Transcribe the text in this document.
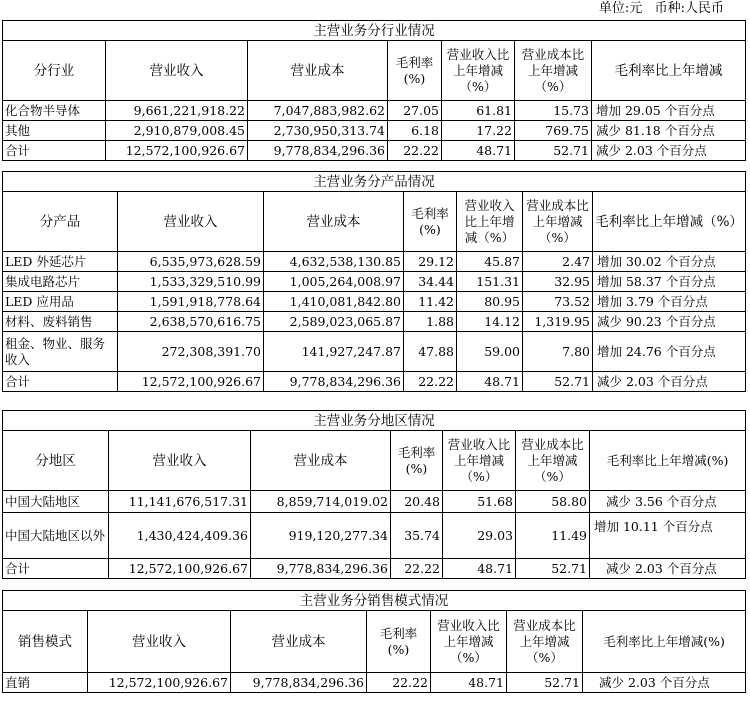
单位:元   币种:人民币
主营业务分行业情况						
分行业	营业收入	营业成本	毛利率(%)	营业收入比上年增减（%）	营业成本比上年增减（%）	毛利率比上年增减
化合物半导体	9,661,221,918.22	7,047,883,982.62	27.05	61.81	15.73	增加 29.05 个百分点
其他	2,910,879,008.45	2,730,950,313.74	6.18	17.22	769.75	减少 81.18 个百分点
合计	12,572,100,926.67	9,778,834,296.36	22.22	48.71	52.71	减少 2.03 个百分点
主营业务分产品情况						
分产品	营业收入	营业成本	毛利率(%)	营业收入比上年增减（%）	营业成本比上年增减（%）	毛利率比上年增减（%）
LED 外延芯片	6,535,973,628.59	4,632,538,130.85	29.12	45.87	2.47	增加 30.02 个百分点
集成电路芯片	1,533,329,510.99	1,005,264,008.97	34.44	151.31	32.95	增加 58.37 个百分点
LED 应用品	1,591,918,778.64	1,410,081,842.80	11.42	80.95	73.52	增加 3.79 个百分点
材料、废料销售	2,638,570,616.75	2,589,023,065.87	1.88	14.12	1,319.95	减少 90.23 个百分点
租金、物业、服务收入	272,308,391.70	141,927,247.87	47.88	59.00	7.80	增加 24.76 个百分点
合计	12,572,100,926.67	9,778,834,296.36	22.22	48.71	52.71	减少 2.03 个百分点
主营业务分地区情况						
分地区	营业收入	营业成本	毛利率(%)	营业收入比上年增减（%）	营业成本比上年增减（%）	毛利率比上年增减(%)
中国大陆地区	11,141,676,517.31	8,859,714,019.02	20.48	51.68	58.80	减少 3.56 个百分点
中国大陆地区以外	1,430,424,409.36	919,120,277.34	35.74	29.03	11.49	增加 10.11 个百分点
合计	12,572,100,926.67	9,778,834,296.36	22.22	48.71	52.71	减少 2.03 个百分点
主营业务分销售模式情况						
销售模式	营业收入	营业成本	毛利率(%)	营业收入比上年增减（%）	营业成本比上年增减（%）	毛利率比上年增减(%)
直销	12,572,100,926.67	9,778,834,296.36	22.22	48.71	52.71	减少 2.03 个百分点
